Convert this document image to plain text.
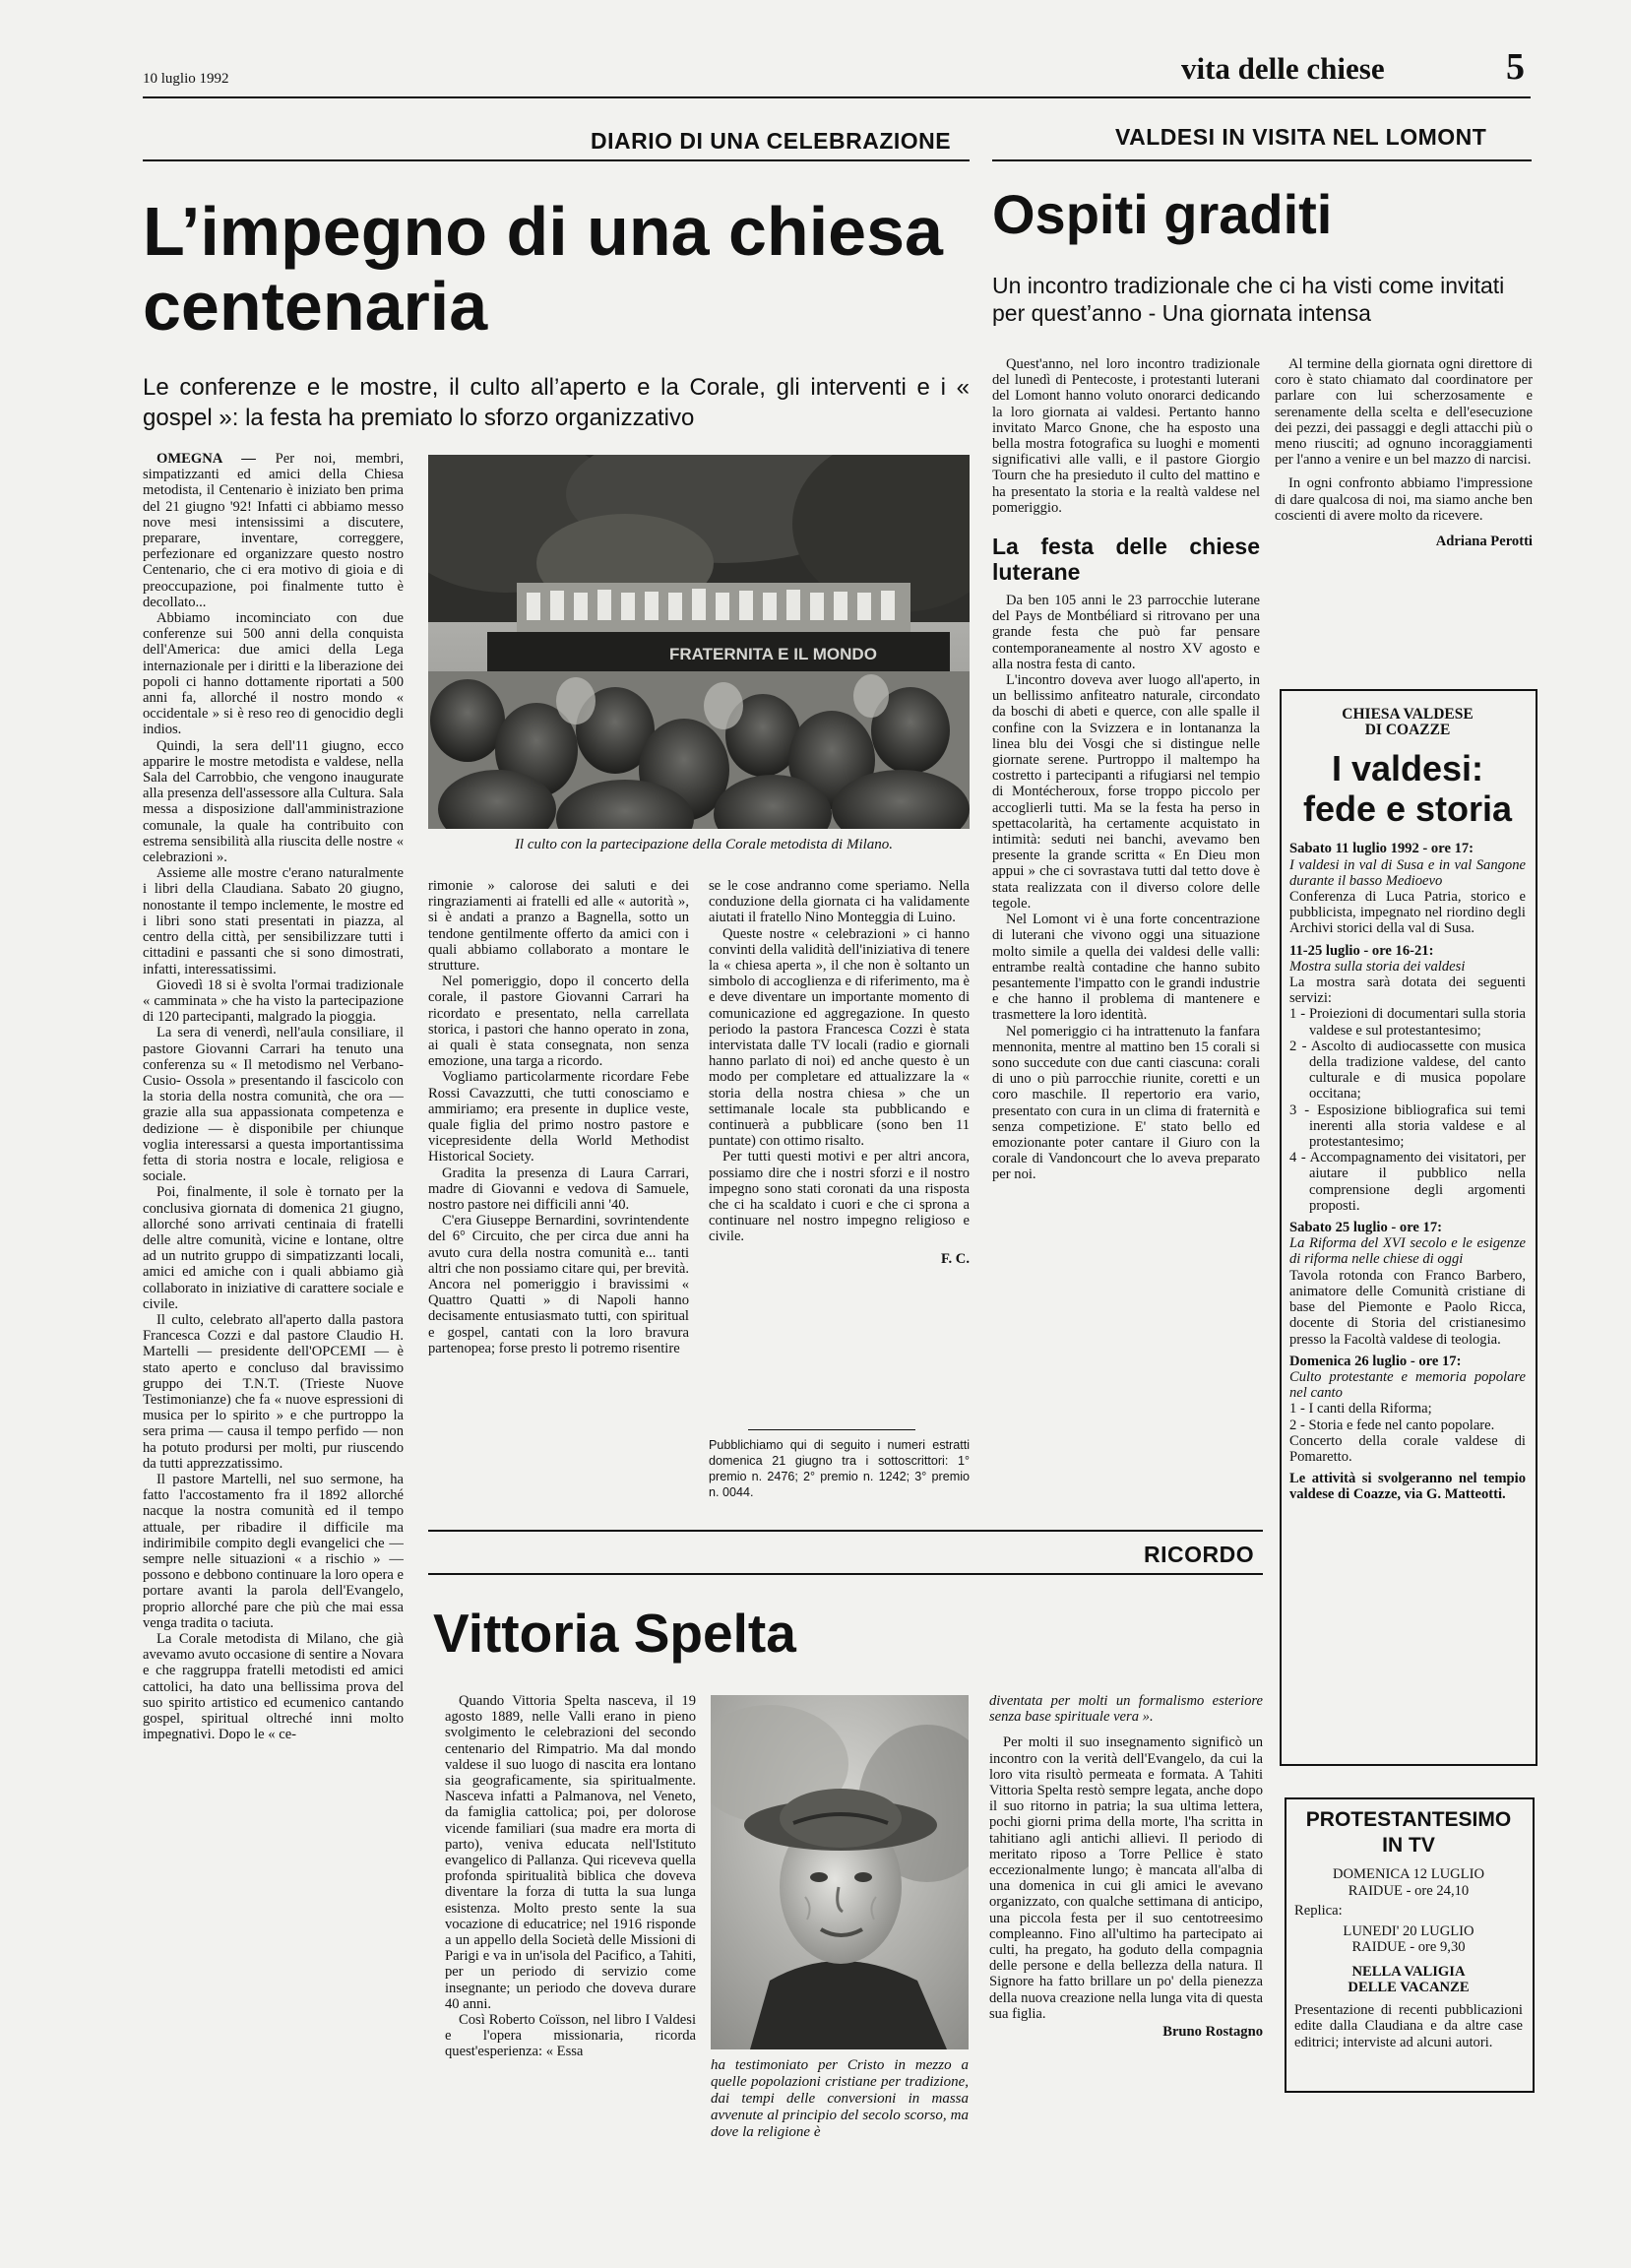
10 luglio 1992	vita delle chiese	5
DIARIO DI UNA CELEBRAZIONE
L’impegno di una chiesa
centenaria
Le conferenze e le mostre, il culto all’aperto e la Corale, gli interventi e i « gospel »: la festa ha premiato lo sforzo organizzativo

OMEGNA — Per noi, membri, simpatizzanti ed amici della Chiesa metodista, il Centenario è iniziato ben prima del 21 giugno '92! Infatti ci abbiamo messo nove mesi intensissimi a discutere, preparare, inventare, correggere, perfezionare ed organizzare questo nostro Centenario, che ci era motivo di gioia e di preoccupazione, poi finalmente tutto è decollato...

Abbiamo incominciato con due conferenze sui 500 anni della conquista dell'America: due amici della Lega internazionale per i diritti e la liberazione dei popoli ci hanno dottamente riportati a 500 anni fa, allorché il nostro mondo « occidentale » si è reso reo di genocidio degli indios.

Quindi, la sera dell'11 giugno, ecco apparire le mostre metodista e valdese, nella Sala del Carrobbio, che vengono inaugurate alla presenza dell'assessore alla Cultura. Sala messa a disposizione dall'amministrazione comunale, la quale ha contribuito con estrema sensibilità alla riuscita delle nostre « celebrazioni ».

Assieme alle mostre c'erano naturalmente i libri della Claudiana. Sabato 20 giugno, nonostante il tempo inclemente, le mostre ed i libri sono stati presentati in piazza, al centro della città, per sensibilizzare tutti i cittadini e passanti che si sono dimostrati, infatti, interessatissimi.

Giovedì 18 si è svolta l'ormai tradizionale « camminata » che ha visto la partecipazione di 120 partecipanti, malgrado la pioggia.

La sera di venerdì, nell'aula consiliare, il pastore Giovanni Carrari ha tenuto una conferenza su « Il metodismo nel Verbano- Cusio- Ossola » presentando il fascicolo con la storia della nostra comunità, che ora — grazie alla sua appassionata competenza e dedizione — è disponibile per chiunque voglia interessarsi a questa importantissima fetta di storia nostra e locale, religiosa e sociale.

Poi, finalmente, il sole è tornato per la conclusiva giornata di domenica 21 giugno, allorché sono arrivati centinaia di fratelli delle altre comunità, vicine e lontane, oltre ad un nutrito gruppo di simpatizzanti locali, amici ed amiche con i quali abbiamo già collaborato in iniziative di carattere sociale e civile.

Il culto, celebrato all'aperto dalla pastora Francesca Cozzi e dal pastore Claudio H. Martelli — presidente dell'OPCEMI — è stato aperto e concluso dal bravissimo gruppo dei T.N.T. (Trieste Nuove Testimonianze) che fa « nuove espressioni di musica per lo spirito » e che purtroppo la sera prima — causa il tempo perfido — non ha potuto prodursi per molti, pur riuscendo da tutti apprezzatissimo.

Il pastore Martelli, nel suo sermone, ha fatto l'accostamento fra il 1892 allorché nacque la nostra comunità ed il tempo attuale, per ribadire il difficile ma indirimibile compito degli evangelici che — sempre nelle situazioni « a rischio » — possono e debbono continuare la loro opera e portare avanti la parola dell'Evangelo, proprio allorché pare che più che mai essa venga tradita o taciuta.

La Corale metodista di Milano, che già avevamo avuto occasione di sentire a Novara e che raggruppa fratelli metodisti ed amici cattolici, ha dato una bellissima prova del suo spirito artistico ed ecumenico cantando gospel, spiritual oltreché inni molto impegnativi. Dopo le « ce-

FRATERNITA E IL MONDO
Il culto con la partecipazione della Corale metodista di Milano.

rimonie » calorose dei saluti e dei ringraziamenti ai fratelli ed alle « autorità », si è andati a pranzo a Bagnella, sotto un tendone gentilmente offerto da amici con i quali abbiamo collaborato a montare le strutture.

Nel pomeriggio, dopo il concerto della corale, il pastore Giovanni Carrari ha ricordato e presentato, nella carrellata storica, i pastori che hanno operato in zona, ai quali è stata consegnata, non senza emozione, una targa a ricordo.

Vogliamo particolarmente ricordare Febe Rossi Cavazzutti, che tutti conosciamo e ammiriamo; era presente in duplice veste, quale figlia del primo nostro pastore e vicepresidente della World Methodist Historical Society.

Gradita la presenza di Laura Carrari, madre di Giovanni e vedova di Samuele, nostro pastore nei difficili anni '40.

C'era Giuseppe Bernardini, sovrintendente del 6° Circuito, che per circa due anni ha avuto cura della nostra comunità e... tanti altri che non possiamo citare qui, per brevità. Ancora nel pomeriggio i bravissimi « Quattro Quatti » di Napoli hanno decisamente entusiasmato tutti, con spiritual e gospel, cantati con la loro bravura partenopea; forse presto li potremo risentire

se le cose andranno come speriamo. Nella conduzione della giornata ci ha validamente aiutati il fratello Nino Monteggia di Luino.

Queste nostre « celebrazioni » ci hanno convinti della validità dell'iniziativa di tenere la « chiesa aperta », il che non è soltanto un simbolo di accoglienza e di riferimento, ma è e deve diventare un importante momento di comunicazione ed aggregazione. In questo periodo la pastora Francesca Cozzi è stata intervistata dalle TV locali (radio e giornali hanno parlato di noi) ed anche questo è un modo per completare ed attualizzare la « storia della nostra chiesa » che un settimanale locale sta pubblicando e continuerà a pubblicare (sono ben 11 puntate) con ottimo risalto.

Per tutti questi motivi e per altri ancora, possiamo dire che i nostri sforzi e il nostro impegno sono stati coronati da una risposta che ci ha scaldato i cuori e che ci sprona a continuare nel nostro impegno religioso e civile.

F. C.
Pubblichiamo qui di seguito i numeri estratti domenica 21 giugno tra i sottoscrittori: 1° premio n. 2476; 2° premio n. 1242; 3° premio n. 0044.
VALDESI IN VISITA NEL LOMONT
Ospiti graditi
Un incontro tradizionale che ci ha visti come invitati per quest’anno - Una giornata intensa

Quest'anno, nel loro incontro tradizionale del lunedì di Pentecoste, i protestanti luterani del Lomont hanno voluto onorarci dedicando la loro giornata ai valdesi. Pertanto hanno invitato Marco Gnone, che ha esposto una bella mostra fotografica su luoghi e momenti significativi alle valli, e il pastore Giorgio Tourn che ha presieduto il culto del mattino e ha presentato la storia e la realtà valdese nel pomeriggio.

La festa delle chiese luterane

Da ben 105 anni le 23 parrocchie luterane del Pays de Montbéliard si ritrovano per una grande festa che può far pensare contemporaneamente al nostro XV agosto e alla nostra festa di canto.

L'incontro doveva aver luogo all'aperto, in un bellissimo anfiteatro naturale, circondato da boschi di abeti e querce, con alle spalle il confine con la Svizzera e in lontananza la linea blu dei Vosgi che si distingue nelle giornate serene. Purtroppo il maltempo ha costretto i partecipanti a rifugiarsi nel tempio di Montécheroux, forse troppo piccolo per accoglierli tutti. Ma se la festa ha perso in spettacolarità, ha certamente acquistato in intimità: seduti nei banchi, avevamo ben presente la grande scritta « En Dieu mon appui » che ci sovrastava tutti dal tetto dove è stata realizzata con il diverso colore delle tegole.

Nel Lomont vi è una forte concentrazione di luterani che vivono oggi una situazione molto simile a quella dei valdesi delle valli: entrambe realtà contadine che hanno subito pesantemente l'impatto con le grandi industrie e che hanno il problema di mantenere e trasmettere la loro identità.

Nel pomeriggio ci ha intrattenuto la fanfara mennonita, mentre al mattino ben 15 corali si sono succedute con due canti ciascuna: corali di uno o più parrocchie riunite, coretti e un coro maschile. Il repertorio era vario, presentato con cura in un clima di fraternità e senza competizione. E' stato bello ed emozionante poter cantare il Giuro con la corale di Vandoncourt che lo aveva preparato per noi.

Al termine della giornata ogni direttore di coro è stato chiamato dal coordinatore per parlare con lui scherzosamente e serenamente della scelta e dell'esecuzione dei pezzi, dei passaggi e degli attacchi più o meno riusciti; ad ognuno incoraggiamenti per l'anno a venire e un bel mazzo di narcisi.

In ogni confronto abbiamo l'impressione di dare qualcosa di noi, ma siamo anche ben coscienti di avere molto da ricevere.

Adriana Perotti
CHIESA VALDESE
DI COAZZE
I valdesi:
fede e storia

Sabato 11 luglio 1992 - ore 17:

I valdesi in val di Susa e in val Sangone durante il basso Medioevo

Conferenza di Luca Patria, storico e pubblicista, impegnato nel riordino degli Archivi storici della val di Susa.

11-25 luglio - ore 16-21:

Mostra sulla storia dei valdesi

La mostra sarà dotata dei seguenti servizi:

1 - Proiezioni di documentari sulla storia valdese e sul protestantesimo;

2 - Ascolto di audiocassette con musica della tradizione valdese, del canto culturale e di musica popolare occitana;

3 - Esposizione bibliografica sui temi inerenti alla storia valdese e al protestantesimo;

4 - Accompagnamento dei visitatori, per aiutare il pubblico nella comprensione degli argomenti proposti.

Sabato 25 luglio - ore 17:

La Riforma del XVI secolo e le esigenze di riforma nelle chiese di oggi

Tavola rotonda con Franco Barbero, animatore delle Comunità cristiane di base del Piemonte e Paolo Ricca, docente di Storia del cristianesimo presso la Facoltà valdese di teologia.

Domenica 26 luglio - ore 17:

Culto protestante e memoria popolare nel canto

1 - I canti della Riforma;

2 - Storia e fede nel canto popolare.

Concerto della corale valdese di Pomaretto.

Le attività si svolgeranno nel tempio valdese di Coazze, via G. Matteotti.

PROTESTANTESIMO
IN TV
DOMENICA 12 LUGLIO
RAIDUE - ore 24,10
Replica:
LUNEDI' 20 LUGLIO
RAIDUE - ore 9,30
NELLA VALIGIA
DELLE VACANZE
Presentazione di recenti pubblicazioni edite dalla Claudiana e da altre case editrici; interviste ad alcuni autori.
RICORDO
Vittoria Spelta

Quando Vittoria Spelta nasceva, il 19 agosto 1889, nelle Valli erano in pieno svolgimento le celebrazioni del secondo centenario del Rimpatrio. Ma dal mondo valdese il suo luogo di nascita era lontano sia geograficamente, sia spiritualmente. Nasceva infatti a Palmanova, nel Veneto, da famiglia cattolica; poi, per dolorose vicende familiari (sua madre era morta di parto), veniva educata nell'Istituto evangelico di Pallanza. Qui riceveva quella profonda spiritualità biblica che doveva diventare la forza di tutta la sua lunga esistenza. Molto presto sente la sua vocazione di educatrice; nel 1916 risponde a un appello della Società delle Missioni di Parigi e va in un'isola del Pacifico, a Tahiti, per un periodo di servizio come insegnante; un periodo che doveva durare 40 anni.

Così Roberto Coïsson, nel libro I Valdesi e l'opera missionaria, ricorda quest'esperienza: « Essa

ha testimoniato per Cristo in mezzo a quelle popolazioni cristiane per tradizione, dai tempi delle conversioni in massa avvenute al principio del secolo scorso, ma dove la religione è

diventata per molti un formalismo esteriore senza base spirituale vera ».

Per molti il suo insegnamento significò un incontro con la verità dell'Evangelo, da cui la loro vita risultò permeata e formata. A Tahiti Vittoria Spelta restò sempre legata, anche dopo il suo ritorno in patria; la sua ultima lettera, pochi giorni prima della morte, l'ha scritta in tahitiano agli antichi allievi. Il periodo di meritato riposo a Torre Pellice è stato eccezionalmente lungo; è mancata all'alba di una domenica in cui gli amici le avevano organizzato, con qualche settimana di anticipo, una piccola festa per il suo centotreesimo compleanno. Fino all'ultimo ha partecipato ai culti, ha pregato, ha goduto della compagnia delle persone e della bellezza della natura. Il Signore ha fatto brillare un po' della pienezza della nuova creazione nella lunga vita di questa sua figlia.

Bruno Rostagno
